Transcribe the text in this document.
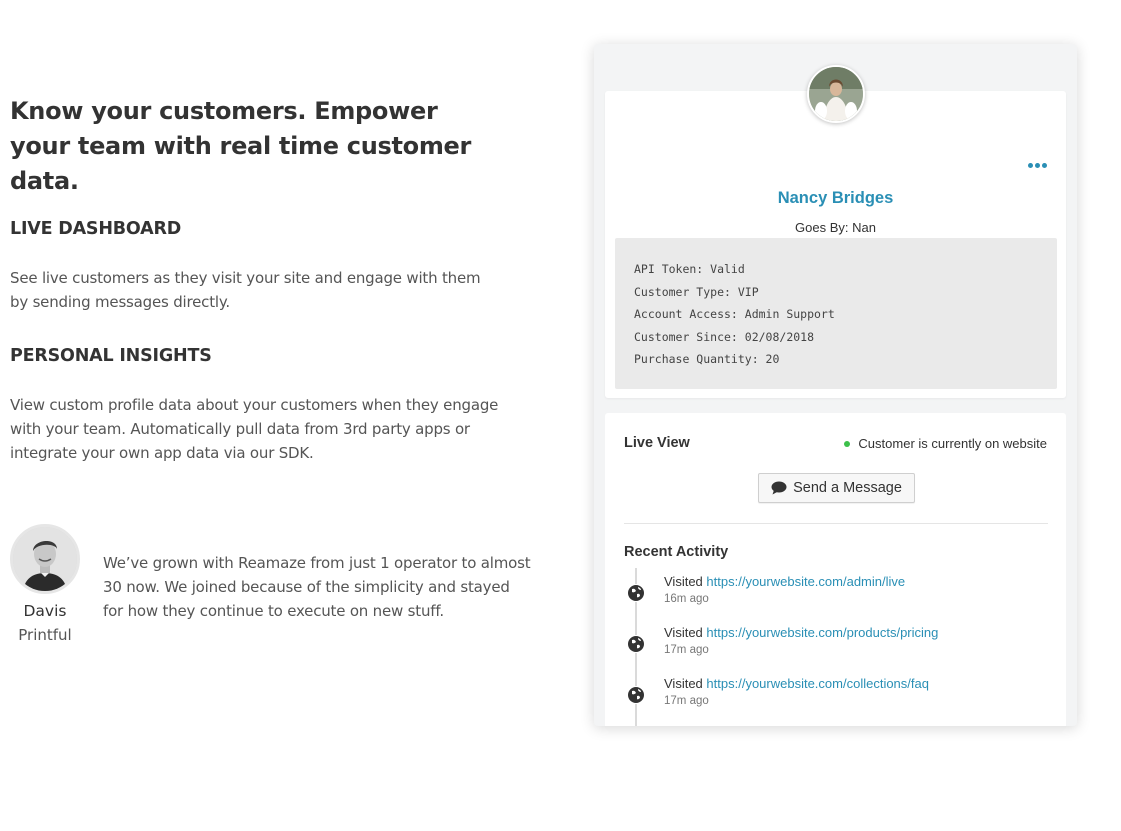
Know your customers. Empower your team with real time customer data.
LIVE DASHBOARD

See live customers as they visit your site and engage with them by sending messages directly.

PERSONAL INSIGHTS

View custom profile data about your customers when they engage with your team. Automatically pull data from 3rd party apps or integrate your own app data via our SDK.

Davis
Printful

We’ve grown with Reamaze from just 1 operator to almost 30 now. We joined because of the simplicity and stayed for how they continue to execute on new stuff.

Nancy Bridges
Goes By: Nan

API Token: Valid
Customer Type: VIP
Account Access: Admin Support
Customer Since: 02/08/2018
Purchase Quantity: 20
Live View	Customer is currently on website
Send a Message
Recent Activity
Visited https://yourwebsite.com/admin/live
16m ago
Visited https://yourwebsite.com/products/pricing
17m ago
Visited https://yourwebsite.com/collections/faq
17m ago
